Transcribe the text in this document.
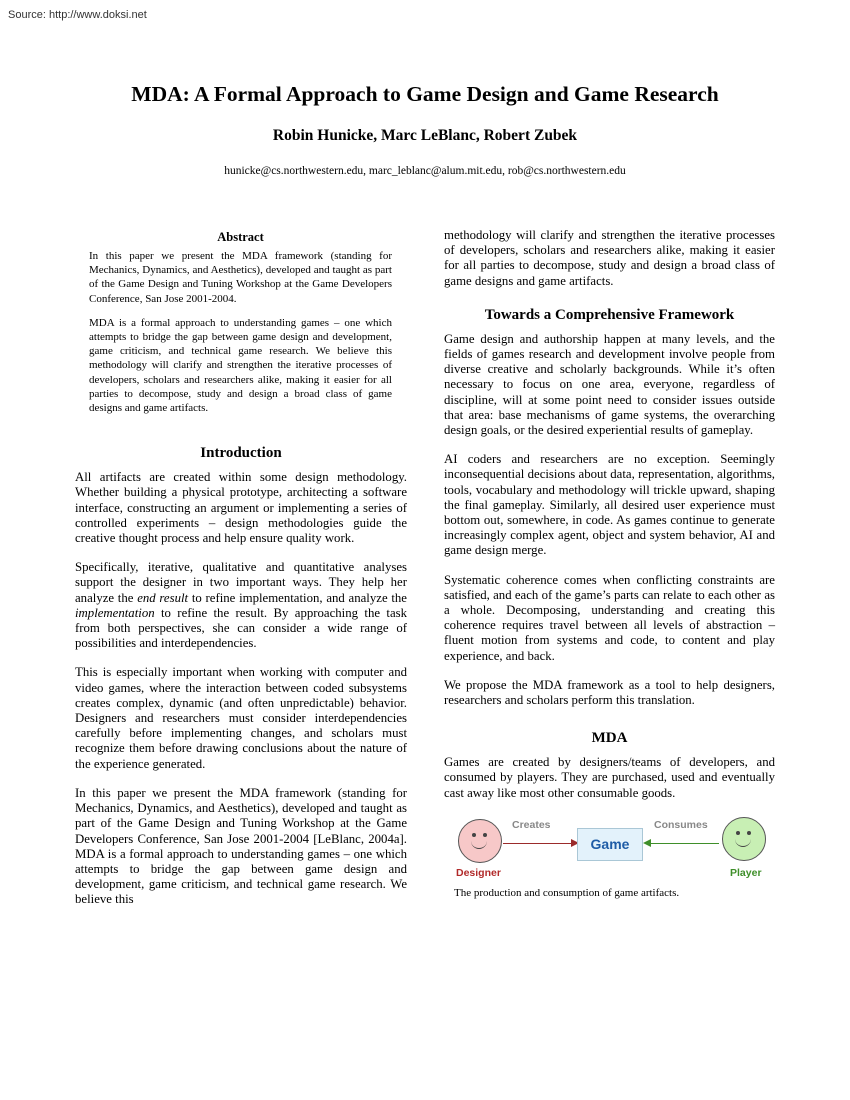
Source: http://www.doksi.net
MDA: A Formal Approach to Game Design and Game Research
Robin Hunicke, Marc LeBlanc, Robert Zubek
hunicke@cs.northwestern.edu, marc_leblanc@alum.mit.edu, rob@cs.northwestern.edu
Abstract

In this paper we present the MDA framework (standing for Mechanics, Dynamics, and Aesthetics), developed and taught as part of the Game Design and Tuning Workshop at the Game Developers Conference, San Jose 2001-2004.

MDA is a formal approach to understanding games – one which attempts to bridge the gap between game design and development, game criticism, and technical game research. We believe this methodology will clarify and strengthen the iterative processes of developers, scholars and researchers alike, making it easier for all parties to decompose, study and design a broad class of game designs and game artifacts.

Introduction

All artifacts are created within some design methodology. Whether building a physical prototype, architecting a software interface, constructing an argument or implementing a series of controlled experiments – design methodologies guide the creative thought process and help ensure quality work.

Specifically, iterative, qualitative and quantitative analyses support the designer in two important ways. They help her analyze the end result to refine implementation, and analyze the implementation to refine the result. By approaching the task from both perspectives, she can consider a wide range of possibilities and interdependencies.

This is especially important when working with computer and video games, where the interaction between coded subsystems creates complex, dynamic (and often unpredictable) behavior. Designers and researchers must consider interdependencies carefully before implementing changes, and scholars must recognize them before drawing conclusions about the nature of the experience generated.

In this paper we present the MDA framework (standing for Mechanics, Dynamics, and Aesthetics), developed and taught as part of the Game Design and Tuning Workshop at the Game Developers Conference, San Jose 2001-2004 [LeBlanc, 2004a]. MDA is a formal approach to understanding games – one which attempts to bridge the gap between game design and development, game criticism, and technical game research. We believe this

methodology will clarify and strengthen the iterative processes of developers, scholars and researchers alike, making it easier for all parties to decompose, study and design a broad class of game designs and game artifacts.

Towards a Comprehensive Framework

Game design and authorship happen at many levels, and the fields of games research and development involve people from diverse creative and scholarly backgrounds. While it’s often necessary to focus on one area, everyone, regardless of discipline, will at some point need to consider issues outside that area: base mechanisms of game systems, the overarching design goals, or the desired experiential results of gameplay.

AI coders and researchers are no exception. Seemingly inconsequential decisions about data, representation, algorithms, tools, vocabulary and methodology will trickle upward, shaping the final gameplay. Similarly, all desired user experience must bottom out, somewhere, in code. As games continue to generate increasingly complex agent, object and system behavior, AI and game design merge.

Systematic coherence comes when conflicting constraints are satisfied, and each of the game’s parts can relate to each other as a whole. Decomposing, understanding and creating this coherence requires travel between all levels of abstraction – fluent motion from systems and code, to content and play experience, and back.

We propose the MDA framework as a tool to help designers, researchers and scholars perform this translation.

MDA

Games are created by designers/teams of developers, and consumed by players. They are purchased, used and eventually cast away like most other consumable goods.

Game
Creates	Consumes
Designer	Player
The production and consumption of game artifacts.
